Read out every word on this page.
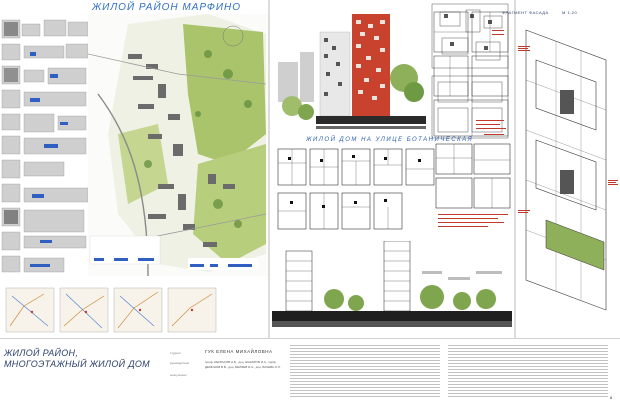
ЖИЛОЙ РАЙОН МАРФИНО
ЖИЛОЙ ДОМ НА УЛИЦЕ БОТАНИЧЕСКАЯ
ФРАГМЕНТ ФАСАДА	М 1:20
ЖИЛОЙ РАЙОН,
МНОГОЭТАЖНЫЙ ЖИЛОЙ ДОМ
студент	ГУК ЕЛЕНА МИХАЙЛОВНА
руководители	проф. НЕКРАСОВ А.Б., доц. ШАКАРОВ И.А., проф. ДЕМИНОВ В.В., доц. БЕЛЯЕВ И.А., доц. БАЧЕВА О.Л.
консультант
8
